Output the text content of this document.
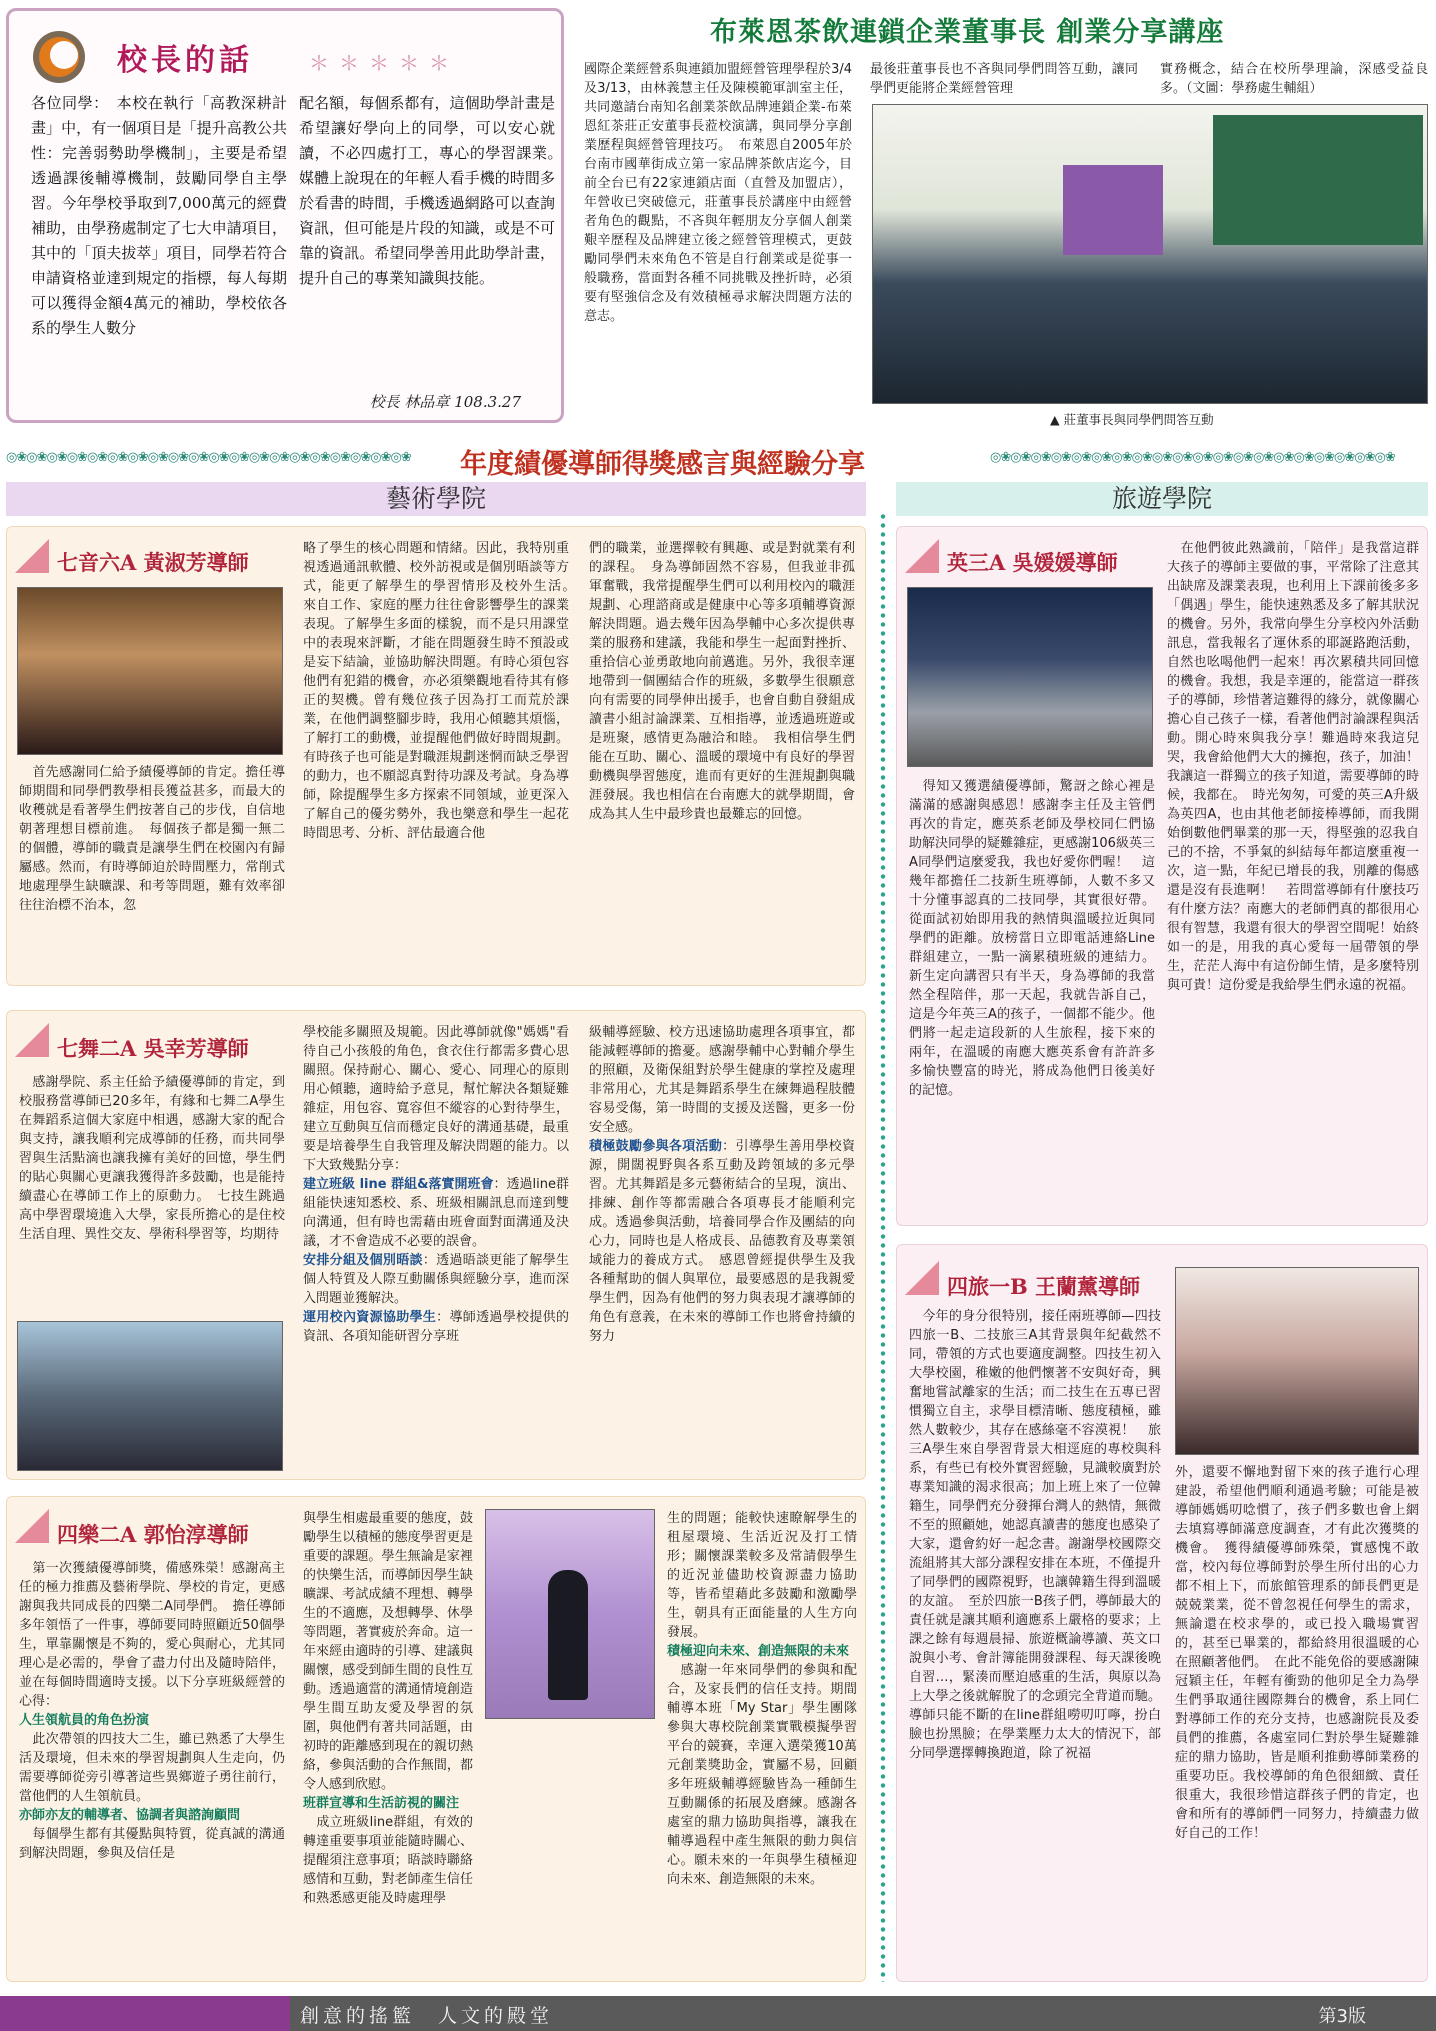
校長的話	＊＊＊＊＊
各位同學：　本校在執行「高教深耕計畫」中，有一個項目是「提升高教公共性：完善弱勢助學機制」，主要是希望透過課後輔導機制，鼓勵同學自主學習。今年學校爭取到7,000萬元的經費補助，由學務處制定了七大申請項目，其中的「頂夫拔萃」項目，同學若符合申請資格並達到規定的指標，每人每期可以獲得金額4萬元的補助，學校依各系的學生人數分
配名額，每個系都有，這個助學計畫是希望讓好學向上的同學，可以安心就讀，不必四處打工，專心的學習課業。　媒體上說現在的年輕人看手機的時間多於看書的時間，手機透過網路可以查詢資訊，但可能是片段的知識，或是不可靠的資訊。希望同學善用此助學計畫，提升自己的專業知識與技能。
校長 林品章 108.3.27
布萊恩茶飲連鎖企業董事長 創業分享講座
國際企業經營系與連鎖加盟經營管理學程於3/4及3/13，由林義慧主任及陳模範軍訓室主任，共同邀請台南知名創業茶飲品牌連鎖企業-布萊恩紅茶莊正安董事長蒞校演講，與同學分享創業歷程與經營管理技巧。　布萊恩自2005年於台南市國華街成立第一家品牌茶飲店迄今，目前全台已有22家連鎖店面（直營及加盟店），年營收已突破億元，莊董事長於講座中由經營者角色的觀點，不吝與年輕朋友分享個人創業艱辛歷程及品牌建立後之經營管理模式，更鼓勵同學們未來角色不管是自行創業或是從事一般職務，當面對各種不同挑戰及挫折時，必須要有堅強信念及有效積極尋求解決問題方法的意志。
最後莊董事長也不吝與同學們問答互動，讓同學們更能將企業經營管理
實務概念，結合在校所學理論，深感受益良多。（文圖：學務處生輔組）
▲ 莊董事長與同學們問答互動
◎❀◎❀◎❀◎❀◎❀◎❀◎❀◎❀◎❀◎❀◎❀◎❀◎❀◎❀◎❀◎❀◎❀◎❀◎❀◎❀	年度績優導師得獎感言與經驗分享	◎❀◎❀◎❀◎❀◎❀◎❀◎❀◎❀◎❀◎❀◎❀◎❀◎❀◎❀◎❀◎❀◎❀◎❀◎❀◎❀
藝術學院	旅遊學院
七音六A 黃淑芳導師
　首先感謝同仁給予績優導師的肯定。擔任導師期間和同學們教學相長獲益甚多，而最大的收穫就是看著學生們按著自己的步伐，自信地朝著理想目標前進。　每個孩子都是獨一無二的個體，導師的職責是讓學生們在校園內有歸屬感。然而，有時導師迫於時間壓力，常削式地處理學生缺曠課、和考等問題，難有效率卻往往治標不治本，忽
略了學生的核心問題和情緒。因此，我特別重視透過通訊軟體、校外訪視或是個別晤談等方式，能更了解學生的學習情形及校外生活。　來自工作、家庭的壓力往往會影響學生的課業表現。了解學生多面的樣貌，而不是只用課堂中的表現來評斷，才能在問題發生時不預設或是妄下結論，並協助解決問題。有時心須包容他們有犯錯的機會，亦必須樂觀地看待其有修正的契機。曾有幾位孩子因為打工而荒於課業，在他們調整腳步時，我用心傾聽其煩惱，了解打工的動機，並提醒他們做好時間規劃。有時孩子也可能是對職涯規劃迷惘而缺乏學習的動力，也不願認真對待功課及考試。身為導師，除提醒學生多方探索不同領域，並更深入了解自己的優劣勢外，我也樂意和學生一起花時間思考、分析、評估最適合他
們的職業，並選擇較有興趣、或是對就業有利的課程。　身為導師固然不容易，但我並非孤軍奮戰，我常提醒學生們可以利用校內的職涯規劃、心理諮商或是健康中心等多項輔導資源解決問題。過去幾年因為學輔中心多次提供專業的服務和建議，我能和學生一起面對挫折、重拾信心並勇敢地向前邁進。另外，我很幸運地帶到一個團結合作的班級，多數學生很願意向有需要的同學伸出援手，也會自動自發組成讀書小組討論課業、互相指導，並透過班遊或是班聚，感情更為融洽和睦。　我相信學生們能在互助、關心、溫暖的環境中有良好的學習動機與學習態度，進而有更好的生涯規劃與職涯發展。我也相信在台南應大的就學期間，會成為其人生中最珍貴也最難忘的回憶。
七舞二A 吳幸芳導師
　感謝學院、系主任給予績優導師的肯定，到校服務當導師已20多年，有緣和七舞二A學生在舞蹈系這個大家庭中相遇，感謝大家的配合與支持，讓我順利完成導師的任務，而共同學習與生活點滴也讓我擁有美好的回憶，學生們的貼心與關心更讓我獲得許多鼓勵，也是能持續盡心在導師工作上的原動力。　七技生跳過高中學習環境進入大學，家長所擔心的是住校生活自理、異性交友、學術科學習等，均期待
學校能多關照及規範。因此導師就像"媽媽"看待自己小孩般的角色，食衣住行都需多費心思關照。保持耐心、關心、愛心、同理心的原則用心傾聽，適時給予意見，幫忙解決各類疑難雜症，用包容、寬容但不縱容的心對待學生，建立互動與互信而穩定良好的溝通基礎，最重要是培養學生自我管理及解決問題的能力。以下大致幾點分享：
建立班級 line 群組&落實開班會：透過line群組能快速知悉校、系、班級相關訊息而達到雙向溝通，但有時也需藉由班會面對面溝通及決議，才不會造成不必要的誤會。
安排分組及個別晤談：透過晤談更能了解學生個人特質及人際互動關係與經驗分享，進而深入問題並獲解決。
運用校內資源協助學生：導師透過學校提供的資訊、各項知能研習分享班
級輔導經驗、校方迅速協助處理各項事宜，都能減輕導師的擔憂。感謝學輔中心對輔介學生的照顧，及衛保組對於學生健康的掌控及處理非常用心，尤其是舞蹈系學生在練舞過程肢體容易受傷，第一時間的支援及送醫，更多一份安全感。
積極鼓勵參與各項活動：引導學生善用學校資源，開闊視野與各系互動及跨領域的多元學習。尤其舞蹈是多元藝術結合的呈現，演出、排練、創作等都需融合各項專長才能順利完成。透過參與活動，培養同學合作及團結的向心力，同時也是人格成長、品德教育及專業領域能力的養成方式。　感恩曾經提供學生及我各種幫助的個人與單位，最要感恩的是我親愛學生們，因為有他們的努力與表現才讓導師的角色有意義，在未來的導師工作也將會持續的努力
四樂二A 郭怡淳導師
　第一次獲績優導師獎，備感殊榮！感謝高主任的極力推薦及藝術學院、學校的肯定，更感謝與我共同成長的四樂二A同學們。　擔任導師多年領悟了一件事，導師要同時照顧近50個學生，單靠關懷是不夠的，愛心與耐心，尤其同理心是必需的，學會了盡力付出及隨時陪伴，並在每個時間適時支援。以下分享班級經營的心得：
人生領航員的角色扮演
　此次帶領的四技大二生，雖已熟悉了大學生活及環境，但未來的學習規劃與人生走向，仍需要導師從旁引導著這些異鄉遊子勇往前行，當他們的人生領航員。
亦師亦友的輔導者、協調者與諮詢顧問
　每個學生都有其優點與特質，從真誠的溝通到解決問題，參與及信任是
與學生相處最重要的態度，鼓勵學生以積極的態度學習更是重要的課題。學生無論是家裡的快樂生活，而導師因學生缺曠課、考試成績不理想、轉學生的不適應，及想轉學、休學等問題，著實疲於奔命。這一年來經由適時的引導、建議與關懷，感受到師生間的良性互動。透過適當的溝通情境創造學生間互助友愛及學習的氛圍，與他們有著共同話題，由初時的距離感到現在的親切熱絡，參與活動的合作無間，都令人感到欣慰。
班群宣導和生活訪視的關注
　成立班級line群組，有效的轉達重要事項並能隨時關心、提醒須注意事項；晤談時聯絡感情和互動，對老師產生信任和熟悉感更能及時處理學
生的問題；能較快速瞭解學生的租屋環境、生活近況及打工情形；關懷課業較多及常請假學生的近況並儘助校資源盡力協助等，皆希望藉此多鼓勵和激勵學生，朝具有正面能量的人生方向發展。
積極迎向未來、創造無限的未來
　感謝一年來同學們的參與和配合，及家長們的信任支持。期間輔導本班「My Star」學生團隊參與大專校院創業實戰模擬學習平台的競賽，幸運入選榮獲10萬元創業獎助金，實屬不易，回顧多年班級輔導經驗皆為一種師生互動關係的拓展及磨練。感謝各處室的鼎力協助與指導，讓我在輔導過程中產生無限的動力與信心。願未來的一年與學生積極迎向未來、創造無限的未來。
英三A 吳媛媛導師
　得知又獲選績優導師，驚訝之餘心裡是滿滿的感謝與感恩！感謝李主任及主管們再次的肯定，應英系老師及學校同仁們協助解決同學的疑難雜症，更感謝106級英三A同學們這麼愛我，我也好愛你們喔！　這幾年都擔任二技新生班導師，人數不多又十分懂事認真的二技同學，其實很好帶。從面試初始即用我的熱情與溫暖拉近與同學們的距離。放榜當日立即電話連絡Line群組建立，一點一滴累積班級的連結力。新生定向講習只有半天，身為導師的我當然全程陪伴，那一天起，我就告訴自己，這是今年英三A的孩子，一個都不能少。他們將一起走這段新的人生旅程，接下來的兩年，在溫暖的南應大應英系會有許許多多愉快豐富的時光，將成為他們日後美好的記憶。
　在他們彼此熟識前，「陪伴」是我當這群大孩子的導師主要做的事，平常除了注意其出缺席及課業表現，也利用上下課前後多多「偶遇」學生，能快速熟悉及多了解其狀況的機會。另外，我常向學生分享校內外活動訊息，當我報名了運休系的耶誕路跑活動，自然也吆喝他們一起來！再次累積共同回憶的機會。我想，我是幸運的，能當這一群孩子的導師，珍惜著這難得的緣分，就像關心擔心自己孩子一樣，看著他們討論課程與活動。開心時來與我分享！難過時來我這兒哭，我會給他們大大的擁抱，孩子，加油！我讓這一群獨立的孩子知道，需要導師的時候，我都在。　時光匆匆，可愛的英三A升級為英四A，也由其他老師接棒導師，而我開始倒數他們畢業的那一天，得堅強的忍我自己的不捨，不爭氣的糾結每年都這麼重複一次，這一點，年紀已增長的我，別離的傷感還是沒有長進啊！　若問當導師有什麼技巧有什麼方法？南應大的老師們真的都很用心很有智慧，我還有很大的學習空間呢！始終如一的是，用我的真心愛每一屆帶領的學生，茫茫人海中有這份師生情，是多麼特別與可貴！這份愛是我給學生們永遠的祝福。
四旅一B 王蘭薰導師
　今年的身分很特別，接任兩班導師—四技四旅一B、二技旅三A其背景與年紀截然不同，帶領的方式也要適度調整。四技生初入大學校園，稚嫩的他們懷著不安與好奇，興奮地嘗試離家的生活；而二技生在五專已習慣獨立自主，求學目標清晰、態度積極，雖然人數較少，其存在感絲毫不容漠視！　旅三A學生來自學習背景大相逕庭的專校與科系，有些已有校外實習經驗，見識較廣對於專業知識的渴求很高；加上班上來了一位韓籍生，同學們充分發揮台灣人的熱情，無微不至的照顧她，她認真讀書的態度也感染了大家，還會約好一起念書。謝謝學校國際交流組將其大部分課程安排在本班，不僅提升了同學們的國際視野，也讓韓籍生得到溫暖的友誼。　至於四旅一B孩子們，導師最大的責任就是讓其順利適應系上嚴格的要求；上課之餘有每週晨掃、旅遊概論導讀、英文口說與小考、會計簿能開發課程、每天課後晚自習…，緊湊而壓迫感重的生活，與原以為上大學之後就解脫了的念頭完全背道而馳。導師只能不斷的在line群組嘮叨叮嚀，扮白臉也扮黑臉；在學業壓力太大的情況下，部分同學選擇轉換跑道，除了祝福
外，還要不懈地對留下來的孩子進行心理建設，希望他們順利通過考驗；可能是被導師媽媽叨唸慣了，孩子們多數也會上網去填寫導師滿意度調查，才有此次獲獎的機會。　獲得績優導師殊榮，實感愧不敢當，校內每位導師對於學生所付出的心力都不相上下，而旅館管理系的師長們更是兢兢業業，從不曾忽視任何學生的需求，無論還在校求學的，或已投入職場實習的，甚至已畢業的，都給終用很溫暖的心在照顧著他們。　在此不能免俗的要感謝陳冠穎主任，年輕有衝勁的他卯足全力為學生們爭取通往國際舞台的機會，系上同仁對導師工作的充分支持，也感謝院長及委員們的推薦，各處室同仁對於學生疑難雜症的鼎力協助，皆是順利推動導師業務的重要功臣。我校導師的角色很細緻、責任很重大，我很珍惜這群孩子們的肯定，也會和所有的導師們一同努力，持續盡力做好自己的工作！
創意的搖籃　人文的殿堂	第3版
